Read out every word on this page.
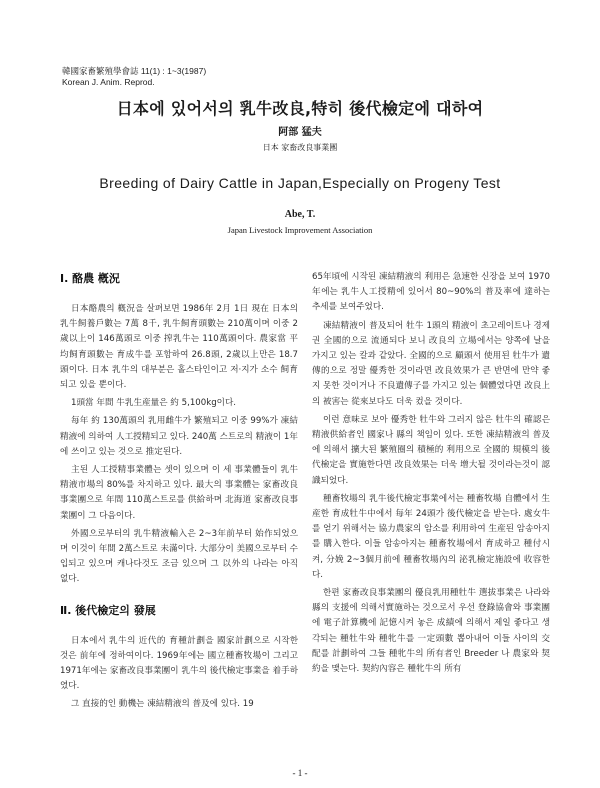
韓國家畜繁殖學會誌 11(1) : 1~3(1987)
Korean J. Anim. Reprod.
日本에 있어서의 乳牛改良,特히 後代檢定에 대하여
阿部 猛夫
日本 家畜改良事業團
Breeding of Dairy Cattle in Japan,Especially on Progeny Test
Abe, T.
Japan Livestock Improvement Association
Ⅰ. 酪農 槪況

日本酪農의 槪況을 살펴보면 1986年 2月 1日 現在 日本의 乳牛飼養戶數는 7萬 8千, 乳牛飼育頭數는 210萬이며 이중 2歲以上이 146萬頭로 이중 搾乳牛는 110萬頭이다. 農家當 平均飼育頭數는 育成牛를 포함하여 26.8頭, 2歲以上만은 18.7頭이다. 日本 乳牛의 대부분은 홀스타인이고 저·지가 소수 飼育되고 있을 뿐이다.

1頭當 年間 牛乳生産量은 約 5,100kg이다.

每年 約 130萬頭의 乳用雌牛가 繁殖되고 이중 99%가 凍結精液에 의하여 人工授精되고 있다. 240萬 스트로의 精液이 1年에 쓰이고 있는 것으로 推定된다.

主된 人工授精事業體는 셋이 있으며 이 세 事業體들이 乳牛精液市場의 80%를 차지하고 있다. 最大의 事業體는 家畜改良事業團으로 年間 110萬스트로를 供給하며 北海道 家畜改良事業團이 그 다음이다.

外國으로부터의 乳牛精液輸入은 2~3年前부터 始作되었으며 이것이 年間 2萬스트로 未滿이다. 大部分이 美國으로부터 수입되고 있으며 캐나다것도 조금 있으며 그 以外의 나라는 아직 없다.

Ⅱ. 後代檢定의 發展

日本에서 乳牛의 近代的 育種計劃을 國家計劃으로 시작한 것은 前年에 정하여이다. 1969年에는 國立種畜牧場이 그리고 1971年에는 家畜改良事業團이 乳牛의 後代檢定事業을 着手하였다.

그 直接的인 動機는 凍結精液의 普及에 있다. 19

65年頃에 시작된 凍結精液의 利用은 急速한 신장을 보여 1970年에는 乳牛人工授精에 있어서 80~90%의 普及率에 達하는 추세를 보여주었다.

凍結精液이 普及되어 牡牛 1頭의 精液이 초고레이트나 경제권 全國的으로 流通되다 보니 改良의 立場에서는 양쪽에 날을 가지고 있는 칼과 같았다. 全國的으로 顧頭서 使用된 牡牛가 遺傳的으로 정말 優秀한 것이라면 改良效果가 큰 반면에 만약 좋지 못한 것이거나 不良遺傳子를 가지고 있는 個體였다면 改良上의 被害는 從來보다도 더욱 컸을 것이다.

이런 意味로 보아 優秀한 牡牛와 그러지 않은 牡牛의 確認은 精液供給者인 國家나 縣의 책임이 있다. 또한 凍結精液의 普及에 의해서 擴大된 繁殖圈의 積極的 利用으로 全國的 規模의 後代檢定을 實施한다면 改良效果는 더욱 增大될 것이라는것이 認識되었다.

種畜牧場의 乳牛後代檢定事業에서는 種畜牧場 自體에서 生産한 育成牡牛中에서 每年 24頭가 後代檢定을 받는다. 處女牛를 얻기 위해서는 協力農家의 암소를 利用하여 生産된 암송아지를 購入한다. 이들 암송아지는 種畜牧場에서 育成하고 種付시켜, 分娩 2~3個月前에 種畜牧場內의 泌乳檢定施設에 收容한다.

한편 家畜改良事業團의 優良乳用種牡牛 選拔事業은 나라와 縣의 支援에 의해서實施하는 것으로서 우선 登錄協會와 事業團에 電子計算機에 記憶시켜 놓은 成績에 의해서 제일 좋다고 생각되는 種牡牛와 種牝牛를 一定頭數 뽑아내어 이들 사이의 交配를 計劃하여 그들 種牝牛의 所有者인 Breeder 나 農家와 契約을 맺는다. 契約內容은 種牝牛의 所有

- 1 -
